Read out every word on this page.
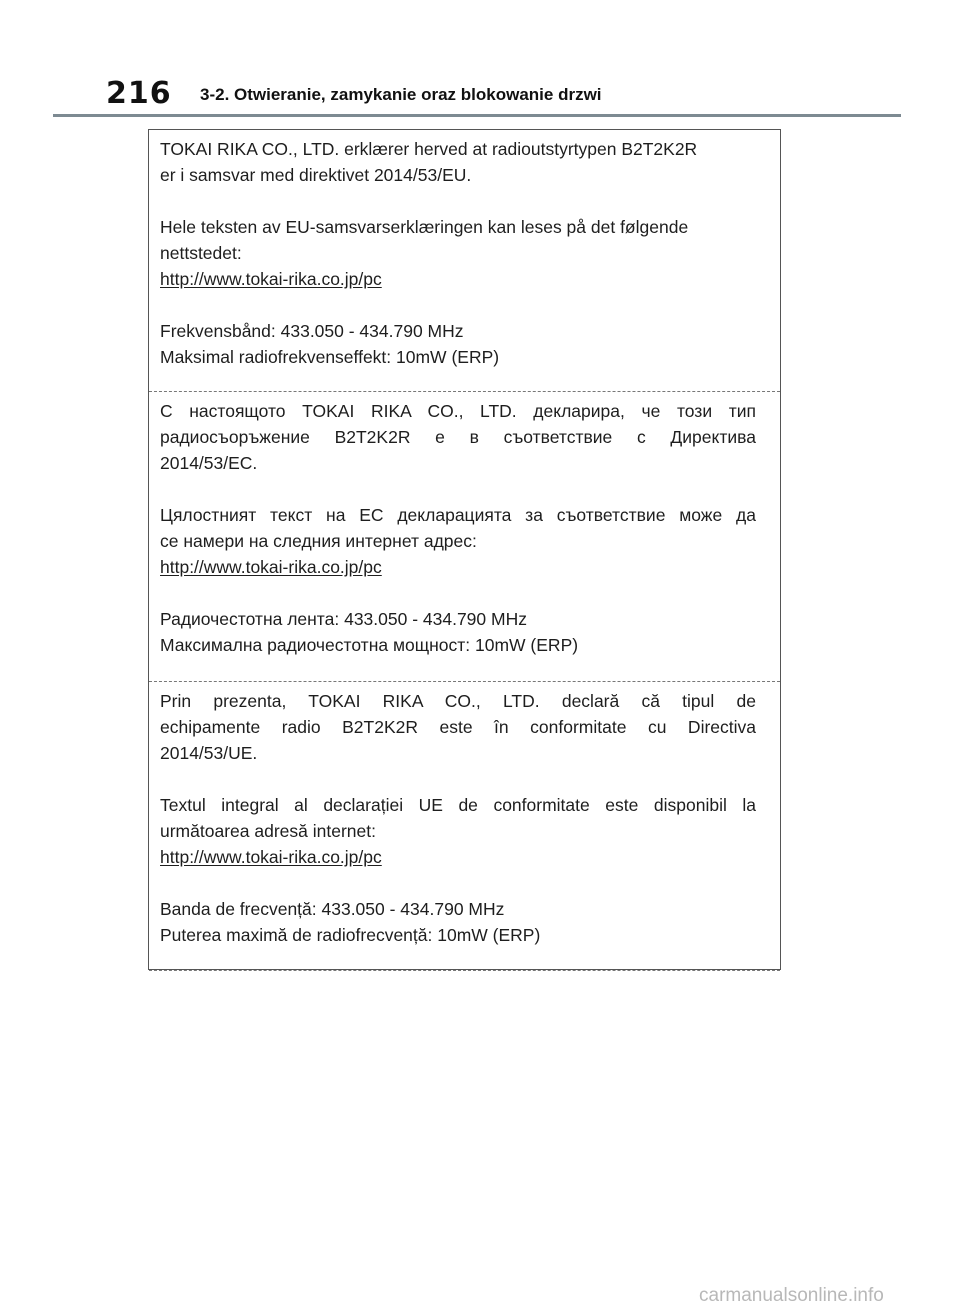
216 3-2. Otwieranie, zamykanie oraz blokowanie drzwi

TOKAI RIKA CO., LTD. erklærer herved at radioutstyrtypen B2T2K2R

er i samsvar med direktivet 2014/53/EU.

Hele teksten av EU-samsvarserklæringen kan leses på det følgende

nettstedet:

http://www.tokai-rika.co.jp/pc

Frekvensbånd: 433.050 - 434.790 MHz

Maksimal radiofrekvenseffekt: 10mW (ERP)

С настоящото TOKAI RIKA CO., LTD. декларира, че този тип

радиосъоръжение B2T2K2R е в съответствие с Директива

2014/53/ЕС.

Цялостният текст на ЕС декларацията за съответствие може да

се намери на следния интернет адрес:

http://www.tokai-rika.co.jp/pc

Радиочестотна лента: 433.050 - 434.790 MHz

Максимална радиочестотна мощност: 10mW (ERP)

Prin prezenta, TOKAI RIKA CO., LTD. declară că tipul de

echipamente radio B2T2K2R este în conformitate cu Directiva

2014/53/UE.

Textul integral al declarației UE de conformitate este disponibil la

următoarea adresă internet:

http://www.tokai-rika.co.jp/pc

Banda de frecvență: 433.050 - 434.790 MHz

Puterea maximă de radiofrecvență: 10mW (ERP)

carmanualsonline.info
